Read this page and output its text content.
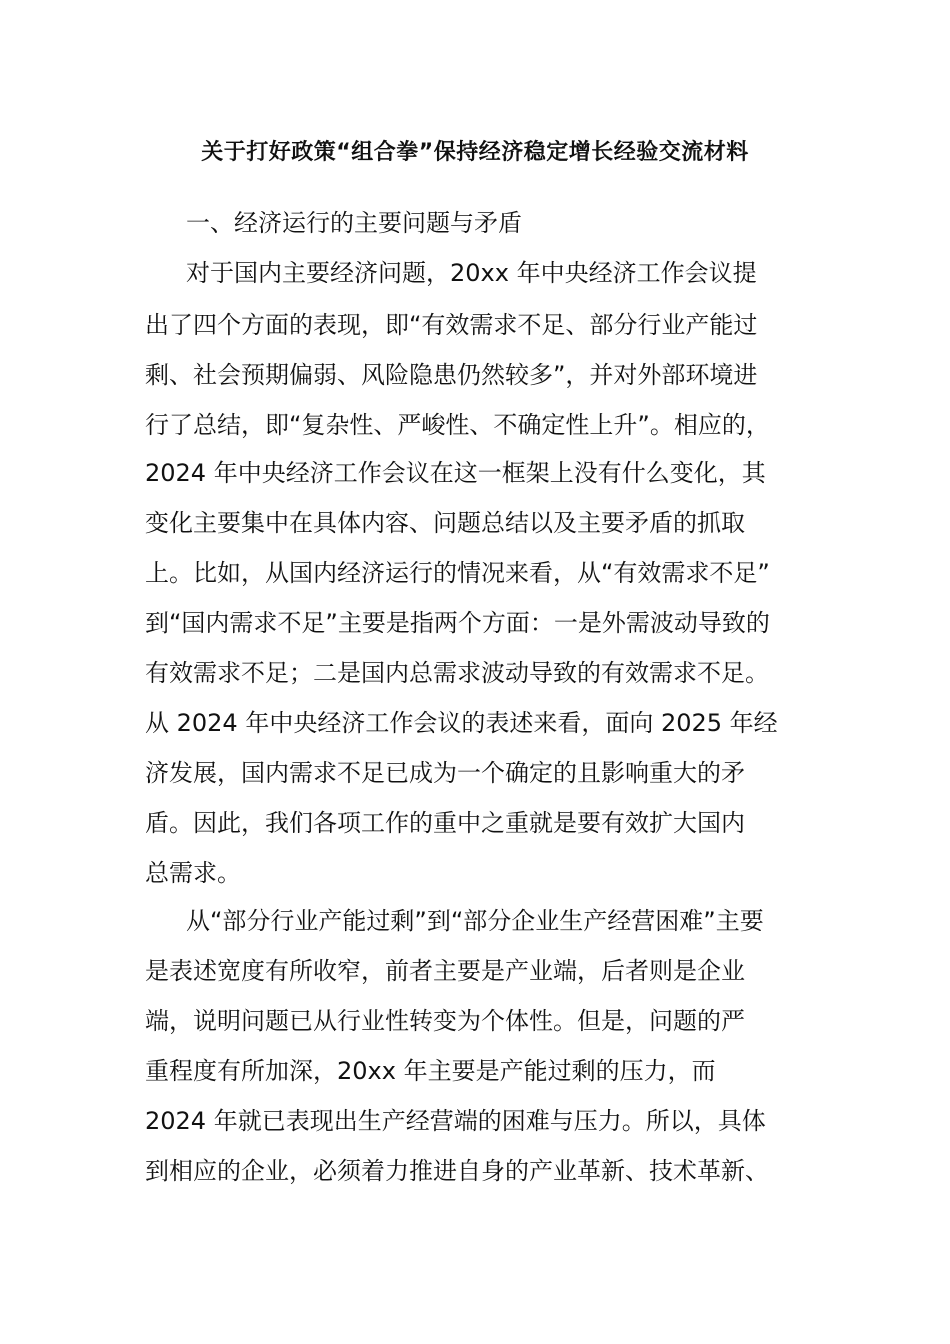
关于打好政策“组合拳”保持经济稳定增长经验交流材料
一、经济运行的主要问题与矛盾
对于国内主要经济问题，20xx 年中央经济工作会议提
出了四个方面的表现，即“有效需求不足、部分行业产能过
剩、社会预期偏弱、风险隐患仍然较多”，并对外部环境进
行了总结，即“复杂性、严峻性、不确定性上升”。相应的，
2024 年中央经济工作会议在这一框架上没有什么变化，其
变化主要集中在具体内容、问题总结以及主要矛盾的抓取
上。比如，从国内经济运行的情况来看，从“有效需求不足”
到“国内需求不足”主要是指两个方面：一是外需波动导致的
有效需求不足；二是国内总需求波动导致的有效需求不足。
从 2024 年中央经济工作会议的表述来看，面向 2025 年经
济发展，国内需求不足已成为一个确定的且影响重大的矛
盾。因此，我们各项工作的重中之重就是要有效扩大国内
总需求。
从“部分行业产能过剩”到“部分企业生产经营困难”主要
是表述宽度有所收窄，前者主要是产业端，后者则是企业
端，说明问题已从行业性转变为个体性。但是，问题的严
重程度有所加深，20xx 年主要是产能过剩的压力，而
2024 年就已表现出生产经营端的困难与压力。所以，具体
到相应的企业，必须着力推进自身的产业革新、技术革新、
